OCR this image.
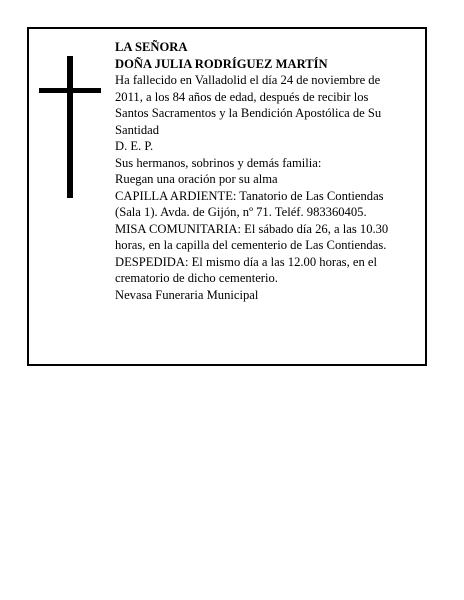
LA SEÑORA
DOÑA JULIA RODRÍGUEZ MARTÍN
Ha fallecido en Valladolid el día 24 de noviembre de
2011, a los 84 años de edad, después de recibir los
Santos Sacramentos y la Bendición Apostólica de Su
Santidad
D. E. P.
Sus hermanos, sobrinos y demás familia:
Ruegan una oración por su alma
CAPILLA ARDIENTE: Tanatorio de Las Contiendas
(Sala 1). Avda. de Gijón, nº 71. Teléf. 983360405.
MISA COMUNITARIA: El sábado día 26, a las 10.30
horas, en la capilla del cementerio de Las Contiendas.
DESPEDIDA: El mismo día a las 12.00 horas, en el
crematorio de dicho cementerio.
Nevasa Funeraria Municipal
